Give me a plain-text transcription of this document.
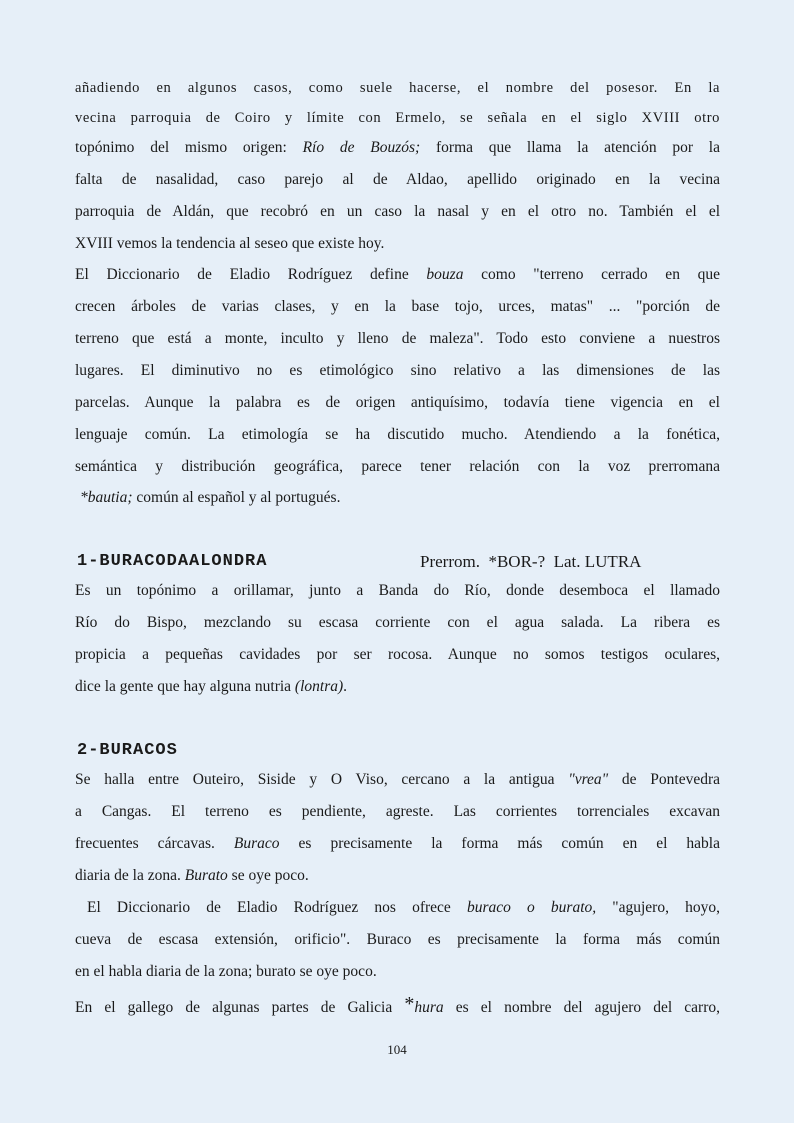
añadiendo en algunos casos, como suele hacerse, el nombre del posesor. En la
vecina parroquia de Coiro y límite con Ermelo, se señala en el siglo XVIII otro
topónimo del mismo origen: Río de Bouzós; forma que llama la atención por la
falta de nasalidad, caso parejo al de Aldao, apellido originado en la vecina
parroquia de Aldán, que recobró en un caso la nasal y en el otro no. También el el
XVIII vemos la tendencia al seseo que existe hoy.
El Diccionario de Eladio Rodríguez define bouza como "terreno cerrado en que
crecen árboles de varias clases, y en la base tojo, urces, matas" ... "porción de
terreno que está a monte, inculto y lleno de maleza". Todo esto conviene a nuestros
lugares. El diminutivo no es etimológico sino relativo a las dimensiones de las
parcelas. Aunque la palabra es de origen antiquísimo, todavía tiene vigencia en el
lenguaje común. La etimología se ha discutido mucho. Atendiendo a la fonética,
semántica y distribución geográfica, parece tener relación con la voz prerromana
*bautia; común al español y al portugués.
1-BURACODAALONDRA	Prerrom.  *BOR-?  Lat. LUTRA
Es un topónimo a orillamar, junto a Banda do Río, donde desemboca el llamado
Río do Bispo, mezclando su escasa corriente con el agua salada. La ribera es
propicia a pequeñas cavidades por ser rocosa. Aunque no somos testigos oculares,
dice la gente que hay alguna nutria (lontra).
2-BURACOS
Se halla entre Outeiro, Siside y O Viso, cercano a la antigua "vrea" de Pontevedra
a Cangas. El terreno es pendiente, agreste. Las corrientes torrenciales excavan
frecuentes cárcavas. Buraco es precisamente la forma más común en el habla
diaria de la zona. Burato se oye poco.
El Diccionario de Eladio Rodríguez nos ofrece buraco o burato, "agujero, hoyo,
cueva de escasa extensión, orificio". Buraco es precisamente la forma más común
en el habla diaria de la zona; burato se oye poco.
En el gallego de algunas partes de Galicia *hura es el nombre del agujero del carro,
104
